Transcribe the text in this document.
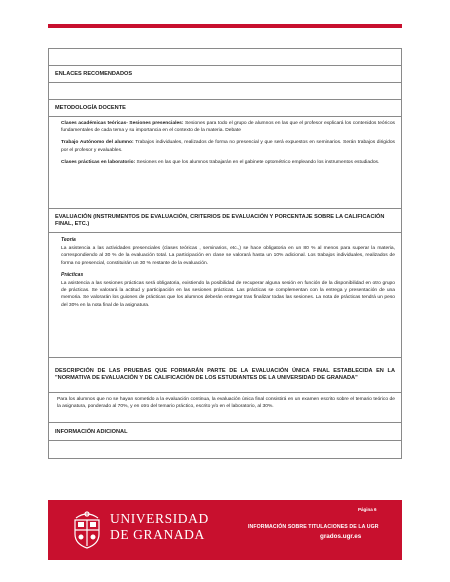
ENLACES RECOMENDADOS
METODOLOGÍA DOCENTE

Clases académicas teóricas- Sesiones presenciales: Sesiones para todo el grupo de alumnos en las que el profesor explicará los contenidos teóricos fundamentales de cada tema y su importancia en el contexto de la materia. Debate

Trabajo Autónomo del alumno: Trabajos individuales, realizados de forma no presencial y que será expuestos en seminarios. Serán trabajos dirigidos por el profesor y evaluables.

Clases prácticas en laboratorio: Sesiones en las que los alumnos trabajarán en el gabinete optométrico empleando los instrumentos estudiados.

EVALUACIÓN (INSTRUMENTOS DE EVALUACIÓN, CRITERIOS DE EVALUACIÓN Y PORCENTAJE SOBRE LA CALIFICACIÓN FINAL, ETC.)

Teoría
La asistencia a las actividades presenciales (clases teóricas , seminarios, etc.,) se hace obligatoria en un 80 % al menos para superar la materia, correspondiendo al 30 % de la evaluación total. La participación en clase se valorará hasta un 10% adicional. Los trabajos individuales, realizados de forma no presencial, constituirán un 30 % restante de la evaluación.

Prácticas
La asistencia a las sesiones prácticas será obligatoria, existiendo la posibilidad de recuperar alguna sesión en función de la disponibilidad en otro grupo de prácticas. Se valorará la actitud y participación en las sesiones prácticas. Las prácticas se complementan con la entrega y presentación de una memoria. Se valorarán los guiones de prácticas que los alumnos deberán entregar tras finalizar todas las sesiones. La nota de prácticas tendrá un peso del 30% en la nota final de la asignatura.

DESCRIPCIÓN DE LAS PRUEBAS QUE FORMARÁN PARTE DE LA EVALUACIÓN ÚNICA FINAL ESTABLECIDA EN LA "NORMATIVA DE EVALUACIÓN Y DE CALIFICACIÓN DE LOS ESTUDIANTES DE LA UNIVERSIDAD DE GRANADA"

Para los alumnos que no se hayan sometido a la evaluación continua, la evaluación única final consistirá en un examen escrito sobre el temario teórico de la asignatura, ponderado al 70%, y en otro del temario práctico, escrito y/o en el laboratorio, al 30%.

INFORMACIÓN ADICIONAL
UNIVERSIDAD
DE GRANADA
Página 6
INFORMACIÓN SOBRE TITULACIONES DE LA UGR
grados.ugr.es
